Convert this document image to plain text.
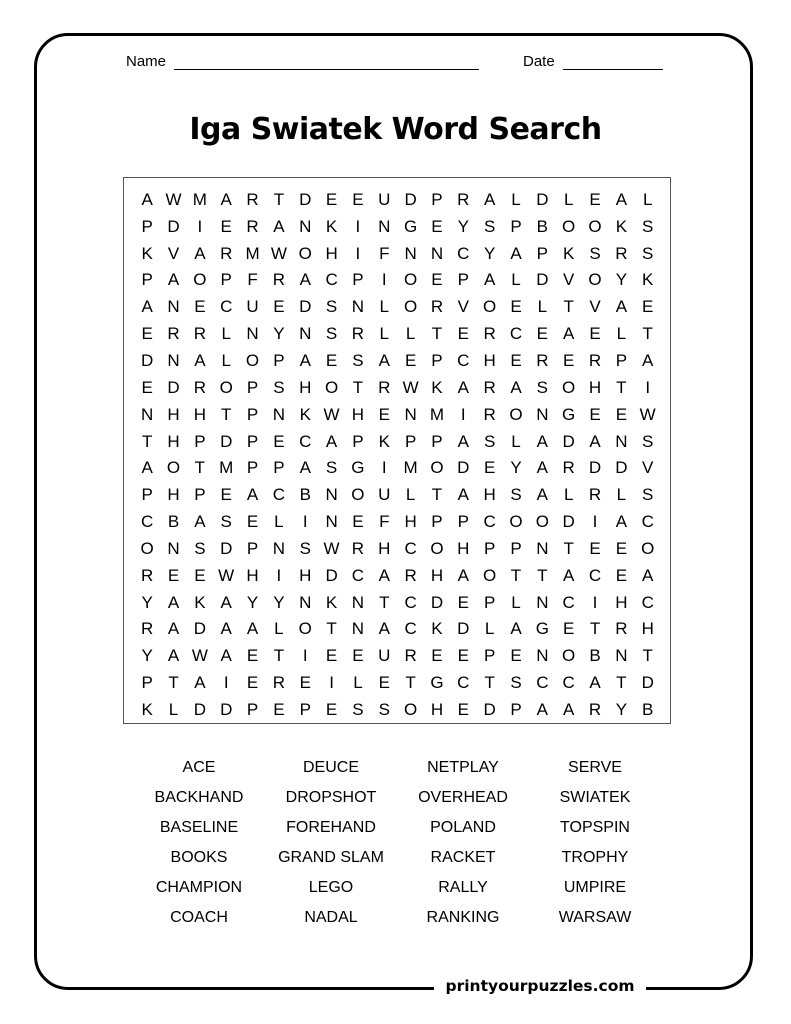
Name	Date
Iga Swiatek Word Search
A W M A R T D E E U D P R A L D L E A L
P D	I	E R A N K	I	N G E Y S P B O O K S
K V A R M W O H	I	F N N C Y A P K S R S
P A O P F R A C P	I	O E P A L D V O Y K
A N E C U E D S N L O R V O E L T V A E
E R R L N Y N S R L L T E R C E A E L T
D N A L O P A E S A E P C H E R E R P A
E D R O P S H O T R W K A R A S O H T	I
N H H T P N K W H E N M I	R O N G E E W
T H P D P E C A P K P P A S L A D A N S
A O T M P P A S G	I M O D E Y A R D D V
P H P E A C B N O U L T A H S A L R L S
C B A S E L	I	N E F H P P C O O D	I	A C
O N S D P N S W R H C O H P P N T E E O
R E E W H	I	H D C A R H A O T T A C E A
Y A K A Y Y N K N T C D E P L N C	I	H C
R A D A A L O T N A C K D L A G E T R H
Y A W A E T	I	E E U R E E P E N O B N T
P T A	I	E R E	I	L E T G C T S C C A T D
K L D D P E P E S S O H E D P A A R Y B
ACE	DEUCE	NETPLAY	SERVE
BACKHAND	DROPSHOT	OVERHEAD	SWIATEK
BASELINE	FOREHAND	POLAND	TOPSPIN
BOOKS	GRAND SLAM	RACKET	TROPHY
CHAMPION	LEGO	RALLY	UMPIRE
COACH	NADAL	RANKING	WARSAW
printyourpuzzles.com
